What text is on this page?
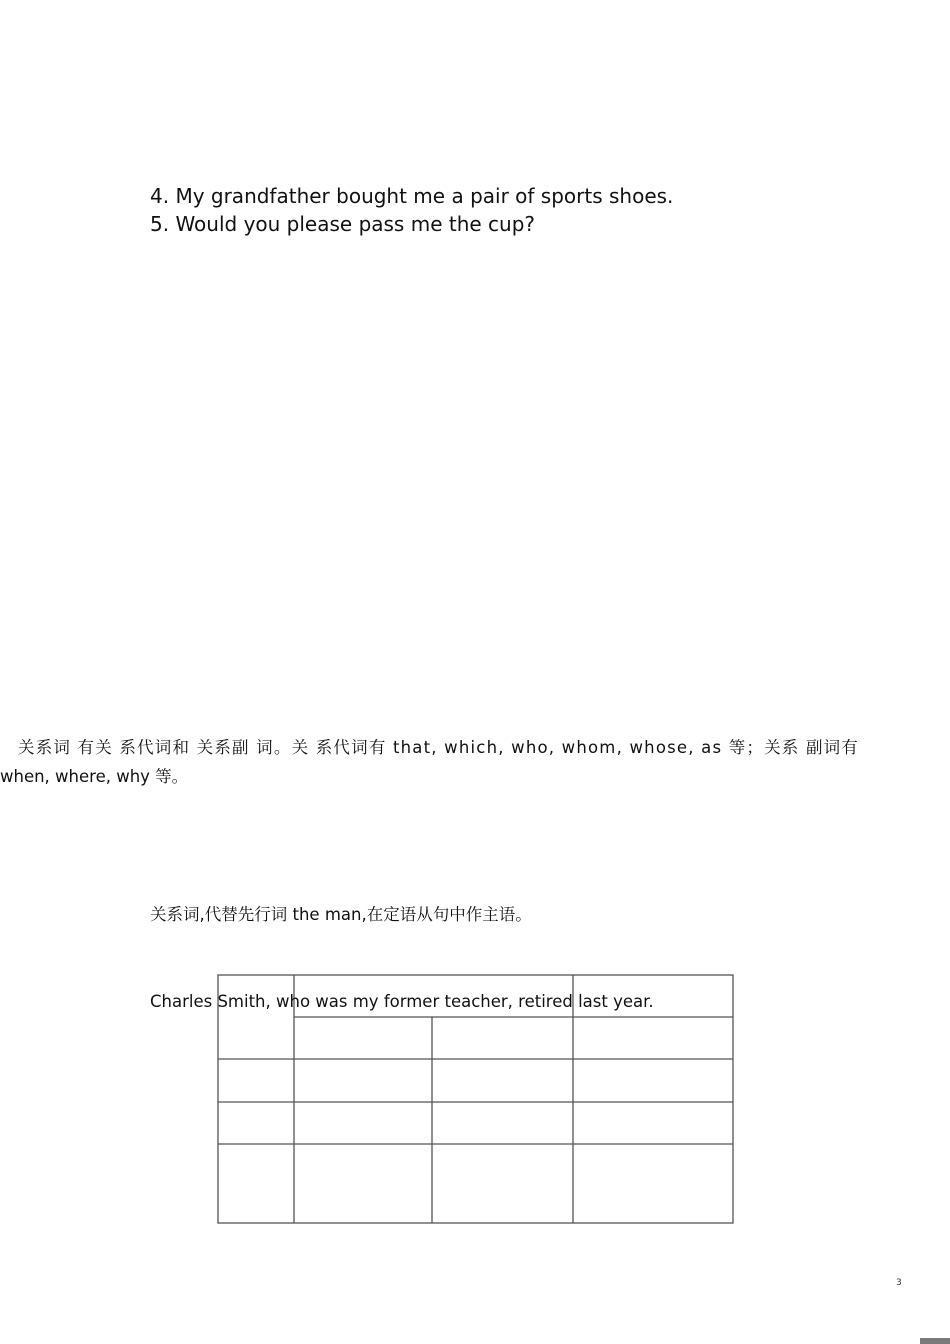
4. My grandfather bought me a pair of sports shoes.
5. Would you please pass me the cup?
关系词 有关 系代词和 关系副 词。关 系代词有 that, which, who, whom, whose, as 等；关系 副词有
when, where, why 等。
关系词,代替先行词 the man,在定语从句中作主语。
Charles Smith, who was my former teacher, retired last year.
3
